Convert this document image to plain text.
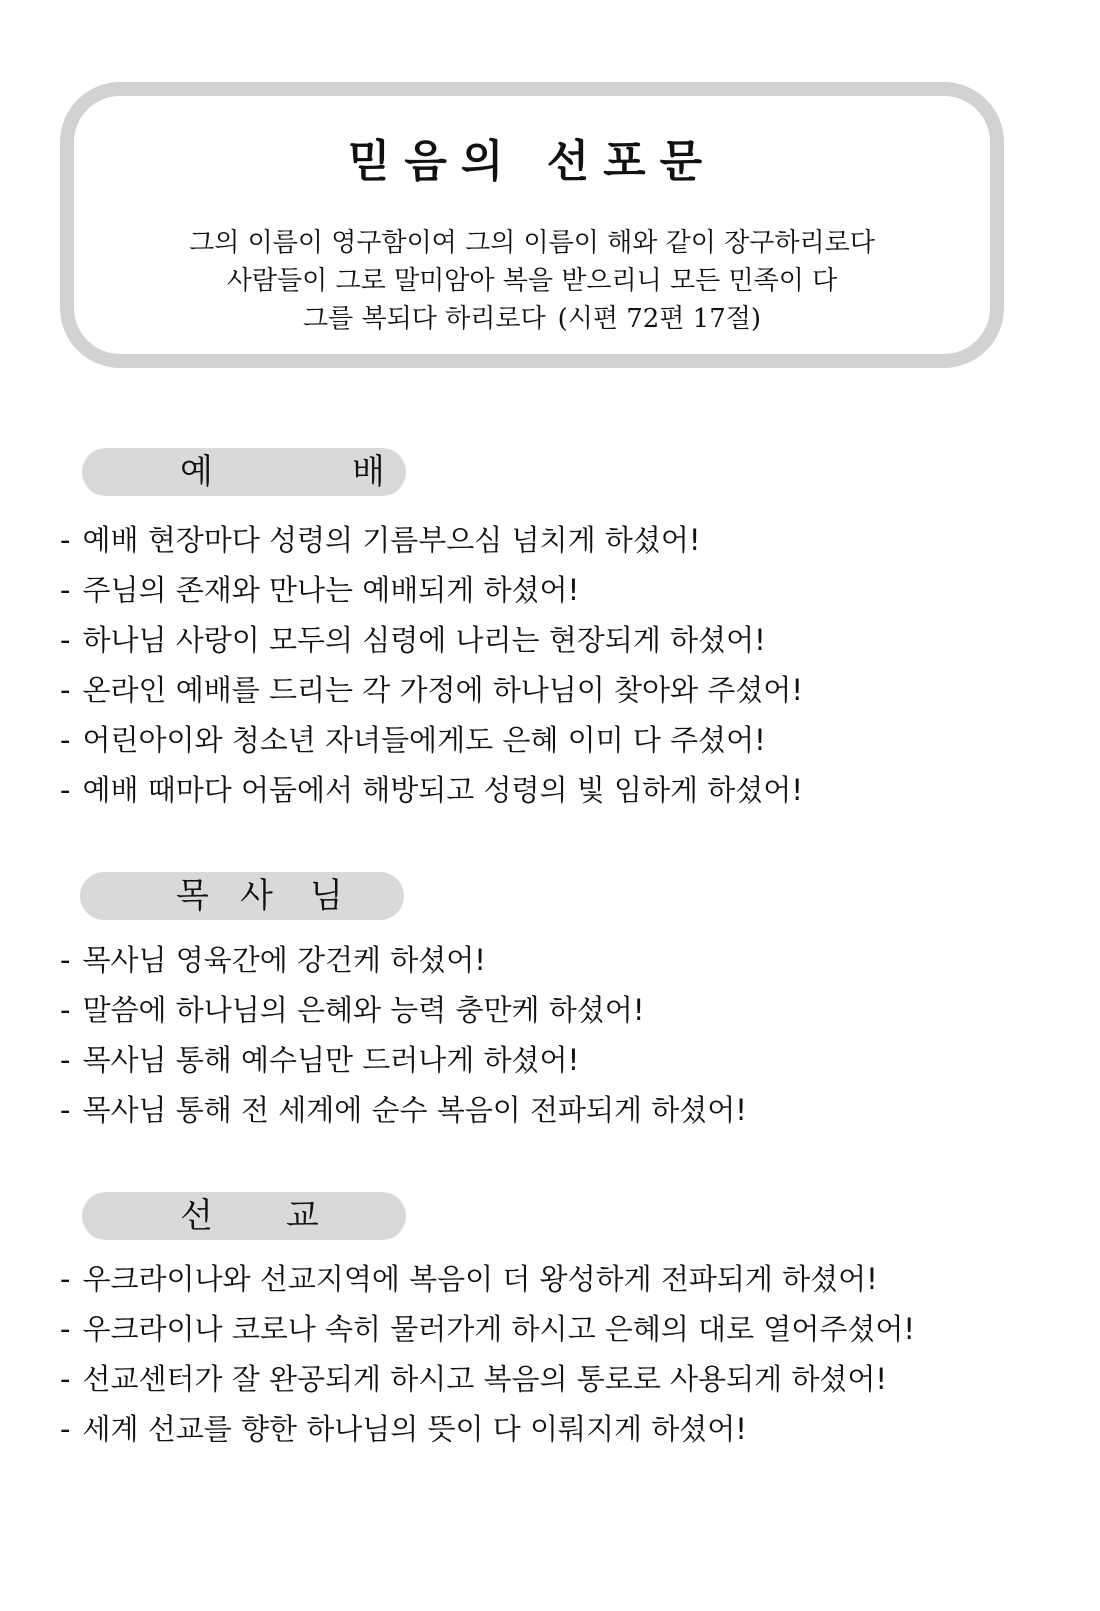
믿음의 선포문
그의 이름이 영구함이여 그의 이름이 해와 같이 장구하리로다
사람들이 그로 말미암아 복을 받으리니 모든 민족이 다
그를 복되다 하리로다 (시편 72편 17절)
예	배
- 예배 현장마다 성령의 기름부으심 넘치게 하셨어!
- 주님의 존재와 만나는 예배되게 하셨어!
- 하나님 사랑이 모두의 심령에 나리는 현장되게 하셨어!
- 온라인 예배를 드리는 각 가정에 하나님이 찾아와 주셨어!
- 어린아이와 청소년 자녀들에게도 은혜 이미 다 주셨어!
- 예배 때마다 어둠에서 해방되고 성령의 빛 임하게 하셨어!
목 사 님
- 목사님 영육간에 강건케 하셨어!
- 말씀에 하나님의 은혜와 능력 충만케 하셨어!
- 목사님 통해 예수님만 드러나게 하셨어!
- 목사님 통해 전 세계에 순수 복음이 전파되게 하셨어!
선 교
- 우크라이나와 선교지역에 복음이 더 왕성하게 전파되게 하셨어!
- 우크라이나 코로나 속히 물러가게 하시고 은혜의 대로 열어주셨어!
- 선교센터가 잘 완공되게 하시고 복음의 통로로 사용되게 하셨어!
- 세계 선교를 향한 하나님의 뜻이 다 이뤄지게 하셨어!
